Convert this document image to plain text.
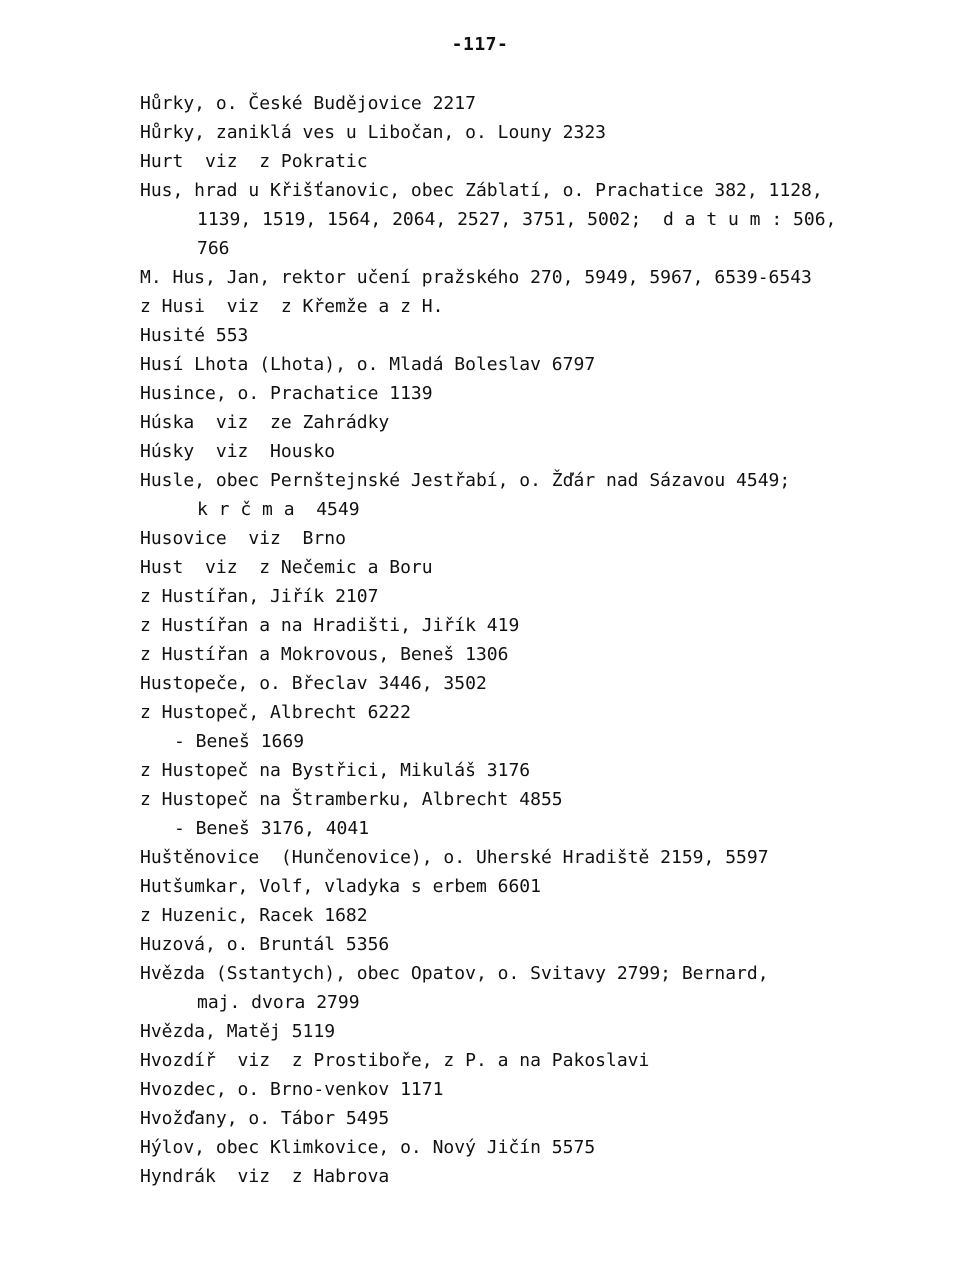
-117-
Hůrky, o. České Budějovice 2217
Hůrky, zaniklá ves u Libočan, o. Louny 2323
Hurt  viz  z Pokratic
Hus, hrad u Křišťanovic, obec Záblatí, o. Prachatice 382, 1128,
1139, 1519, 1564, 2064, 2527, 3751, 5002;  d a t u m : 506,
766
M. Hus, Jan, rektor učení pražského 270, 5949, 5967, 6539-6543
z Husi  viz  z Křemže a z H.
Husité 553
Husí Lhota (Lhota), o. Mladá Boleslav 6797
Husince, o. Prachatice 1139
Húska  viz  ze Zahrádky
Húsky  viz  Housko
Husle, obec Pernštejnské Jestřabí, o. Žďár nad Sázavou 4549;
k r č m a  4549
Husovice  viz  Brno
Hust  viz  z Nečemic a Boru
z Hustířan, Jiřík 2107
z Hustířan a na Hradišti, Jiřík 419
z Hustířan a Mokrovous, Beneš 1306
Hustopeče, o. Břeclav 3446, 3502
z Hustopeč, Albrecht 6222
- Beneš 1669
z Hustopeč na Bystřici, Mikuláš 3176
z Hustopeč na Štramberku, Albrecht 4855
- Beneš 3176, 4041
Huštěnovice  (Hunčenovice), o. Uherské Hradiště 2159, 5597
Hutšumkar, Volf, vladyka s erbem 6601
z Huzenic, Racek 1682
Huzová, o. Bruntál 5356
Hvězda (Sstantych), obec Opatov, o. Svitavy 2799; Bernard,
maj. dvora 2799
Hvězda, Matěj 5119
Hvozdíř  viz  z Prostiboře, z P. a na Pakoslavi
Hvozdec, o. Brno-venkov 1171
Hvožďany, o. Tábor 5495
Hýlov, obec Klimkovice, o. Nový Jičín 5575
Hyndrák  viz  z Habrova
